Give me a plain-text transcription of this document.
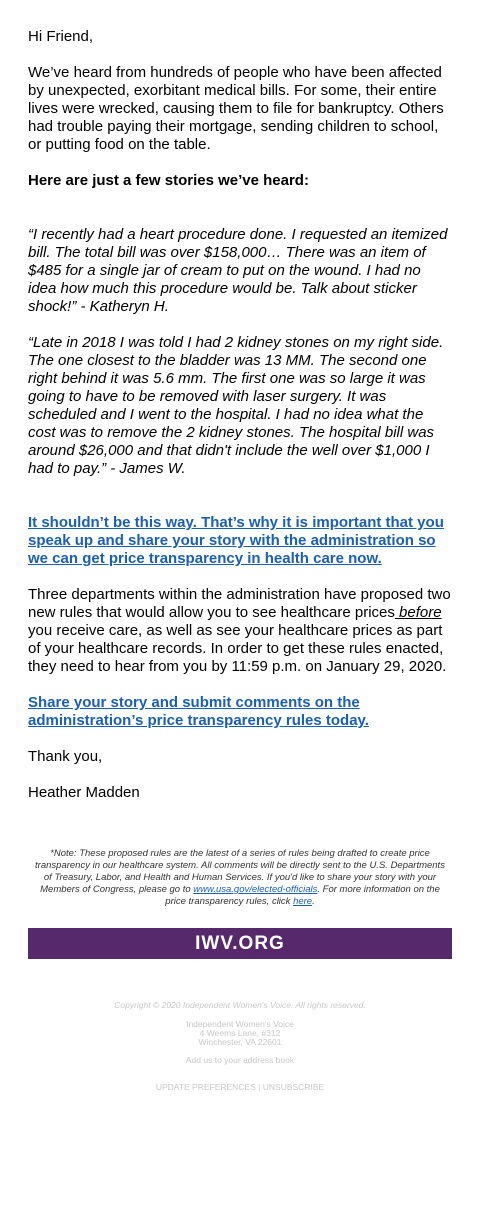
Hi Friend,

We’ve heard from hundreds of people who have been affected by unexpected, exorbitant medical bills. For some, their entire lives were wrecked, causing them to file for bankruptcy. Others had trouble paying their mortgage, sending children to school, or putting food on the table.

Here are just a few stories we’ve heard:

“I recently had a heart procedure done. I requested an itemized bill. The total bill was over $158,000… There was an item of $485 for a single jar of cream to put on the wound. I had no idea how much this procedure would be. Talk about sticker shock!” - Katheryn H.

“Late in 2018 I was told I had 2 kidney stones on my right side. The one closest to the bladder was 13 MM. The second one right behind it was 5.6 mm. The first one was so large it was going to have to be removed with laser surgery. It was scheduled and I went to the hospital. I had no idea what the cost was to remove the 2 kidney stones. The hospital bill was around $26,000 and that didn't include the well over $1,000 I had to pay.” - James W.

It shouldn’t be this way. That’s why it is important that you speak up and share your story with the administration so we can get price transparency in health care now.

Three departments within the administration have proposed two new rules that would allow you to see healthcare prices before you receive care, as well as see your healthcare prices as part of your healthcare records. In order to get these rules enacted, they need to hear from you by 11:59 p.m. on January 29, 2020.

Share your story and submit comments on the administration’s price transparency rules today.

Thank you,

Heather Madden

*Note: These proposed rules are the latest of a series of rules being drafted to create price transparency in our healthcare system. All comments will be directly sent to the U.S. Departments of Treasury, Labor, and Health and Human Services. If you'd like to share your story with your Members of Congress, please go to www.usa.gov/elected-officials. For more information on the price transparency rules, click here.

IWV.ORG
Copyright © 2020 Independent Women's Voice. All rights reserved.
Independent Women's Voice
4 Weems Lane, #312
Winchester, VA 22601
Add us to your address book
UPDATE PREFERENCES | UNSUBSCRIBE
